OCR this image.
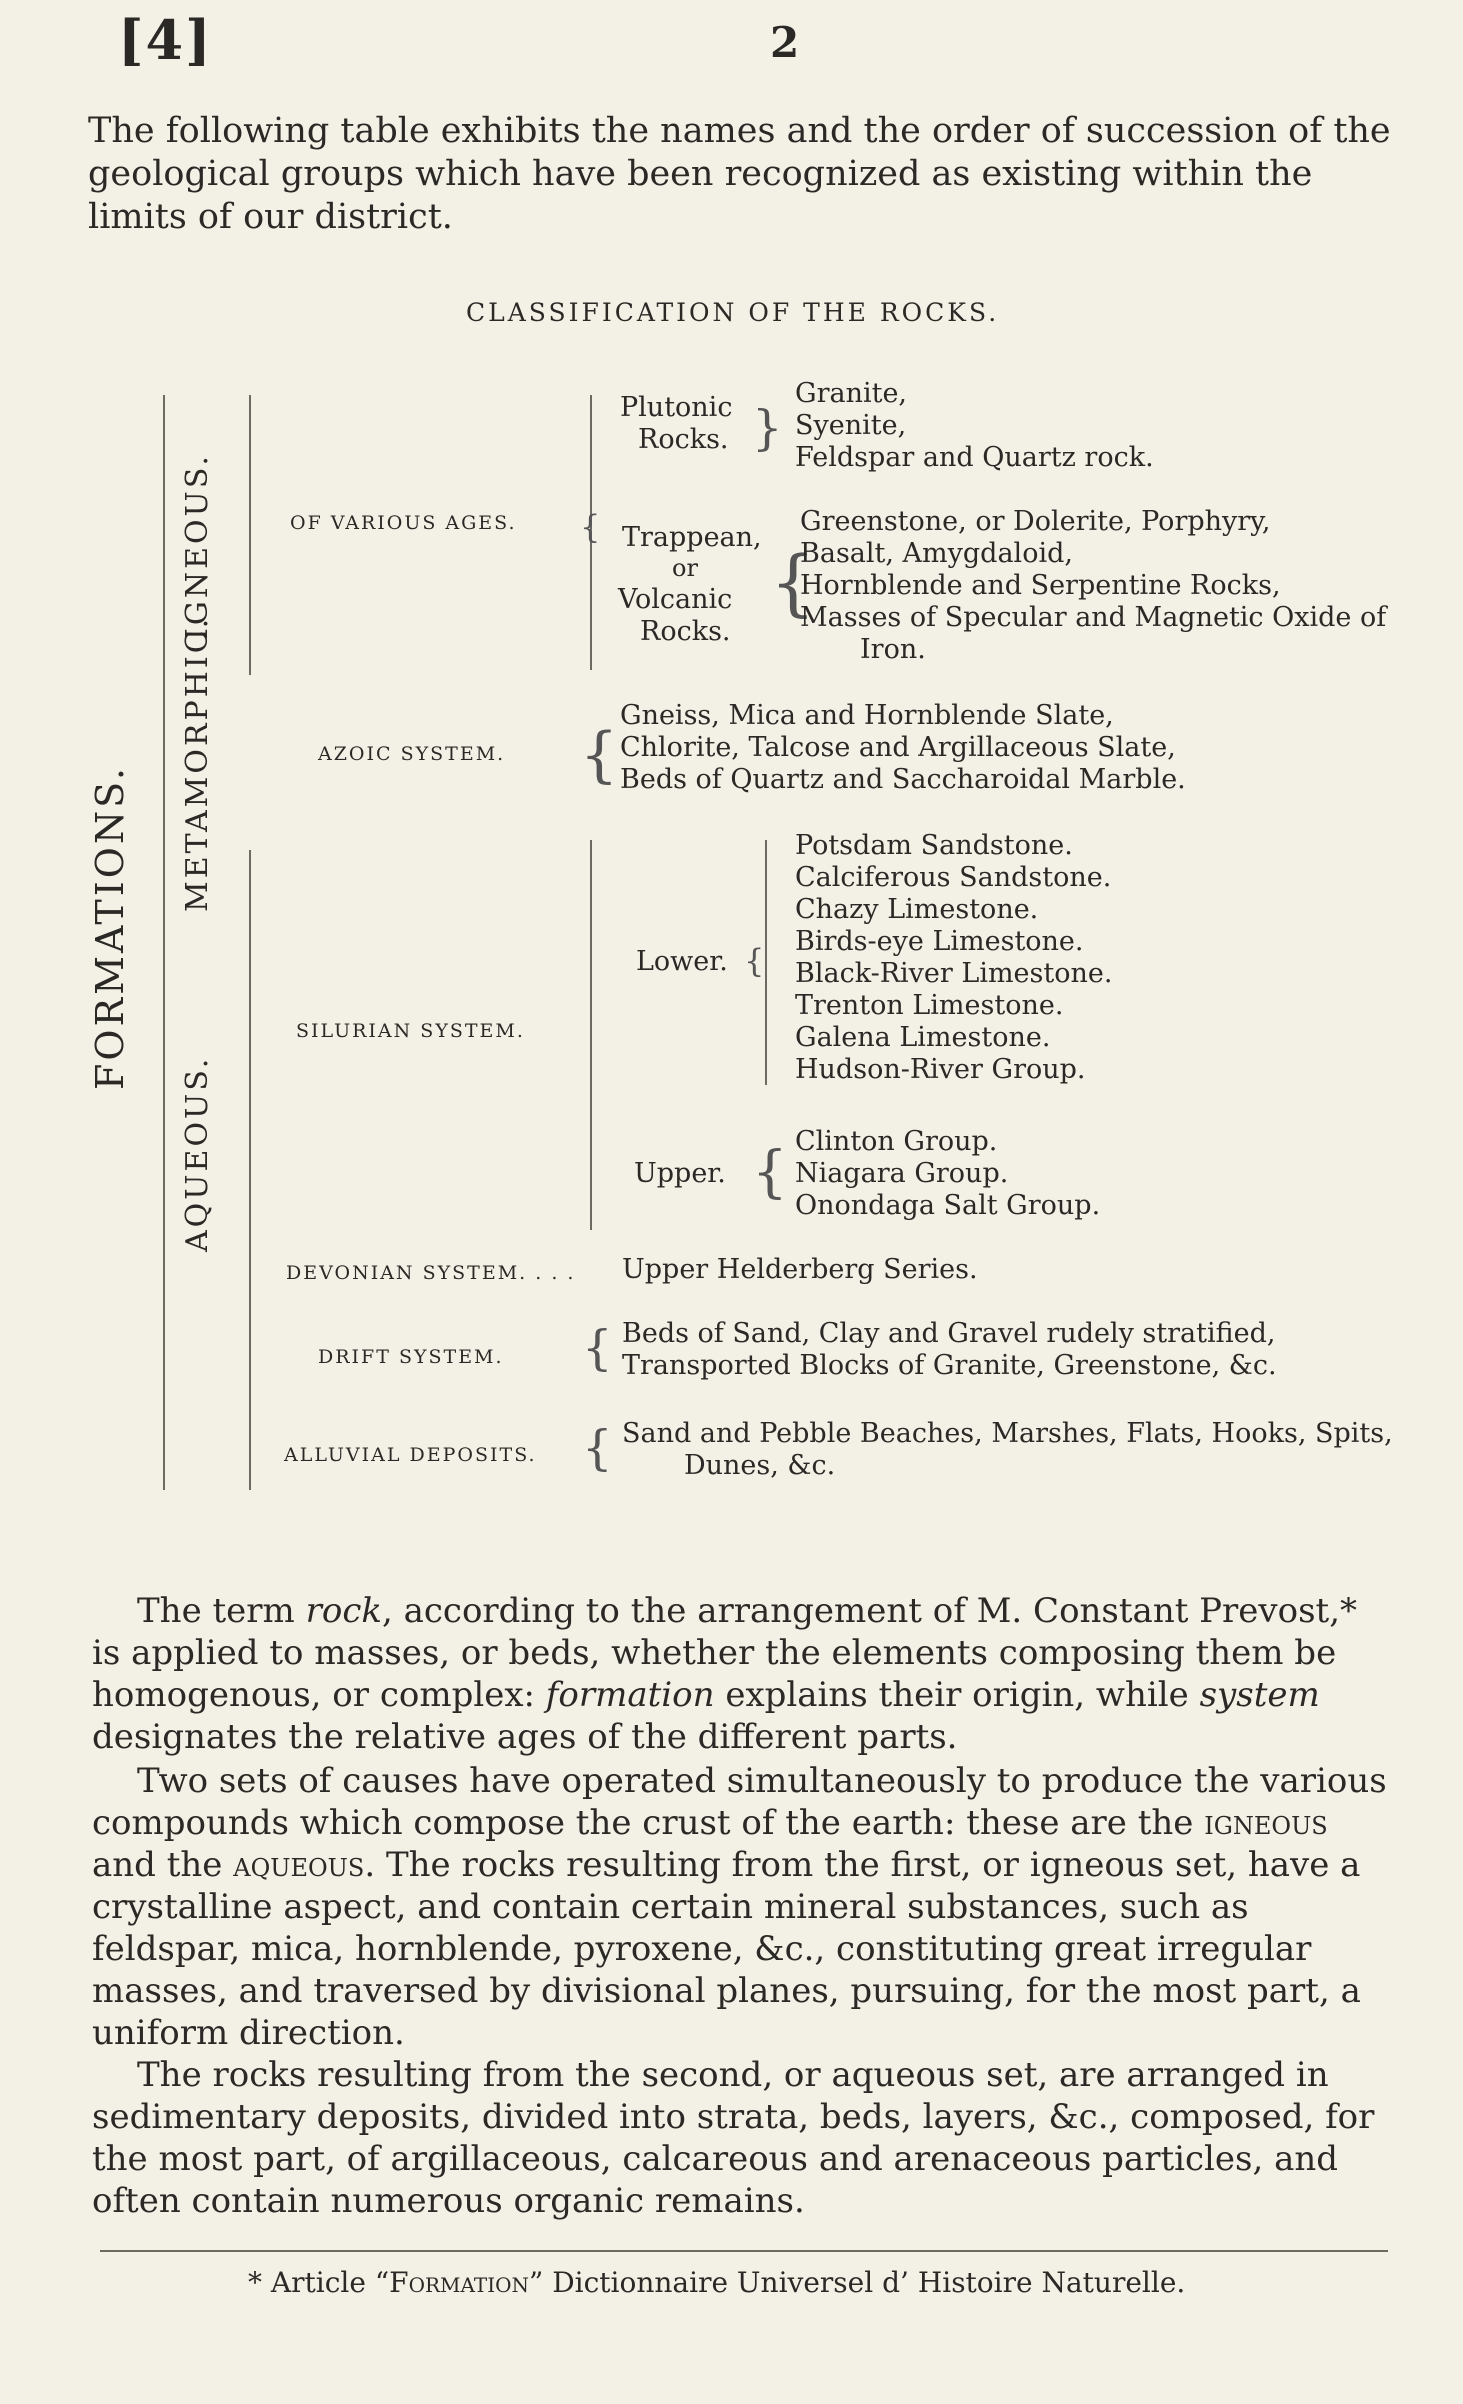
[4]	2
The following table exhibits the names and the order of succession of the geological groups which have been recognized as existing within the limits of our district.
CLASSIFICATION OF THE ROCKS.
FORMATIONS.
IGNEOUS.
METAMORPHIC.
AQUEOUS.
OF VARIOUS AGES. {
Plutonic
Rocks. }
Granite,
Syenite,
Feldspar and Quartz rock.
Trappean,
or
Volcanic
Rocks.
{
Greenstone, or Dolerite, Porphyry,
Basalt, Amygdaloid,
Hornblende and Serpentine Rocks,
Masses of Specular and Magnetic Oxide of
Iron.
AZOIC SYSTEM. {
Gneiss, Mica and Hornblende Slate,
Chlorite, Talcose and Argillaceous Slate,
Beds of Quartz and Saccharoidal Marble.
SILURIAN SYSTEM.
Lower. {
Potsdam Sandstone.
Calciferous Sandstone.
Chazy Limestone.
Birds-eye Limestone.
Black-River Limestone.
Trenton Limestone.
Galena Limestone.
Hudson-River Group.
Upper. { Clinton Group.
Niagara Group.
Onondaga Salt Group.
DEVONIAN SYSTEM. . . . Upper Helderberg Series.
DRIFT SYSTEM. { Beds of Sand, Clay and Gravel rudely stratified,
Transported Blocks of Granite, Greenstone, &c.
ALLUVIAL DEPOSITS. { Sand and Pebble Beaches, Marshes, Flats, Hooks, Spits,
Dunes, &c.
The term rock, according to the arrangement of M. Constant Prevost,* is applied to masses, or beds, whether the elements composing them be homogenous, or complex: formation explains their origin, while system designates the relative ages of the different parts.
Two sets of causes have operated simultaneously to produce the various compounds which compose the crust of the earth: these are the igneous and the aqueous. The rocks resulting from the first, or igneous set, have a crystalline aspect, and contain certain mineral substances, such as feldspar, mica, hornblende, pyroxene, &c., constituting great irregular masses, and traversed by divisional planes, pursuing, for the most part, a uniform direction.
The rocks resulting from the second, or aqueous set, are arranged in sedimentary deposits, divided into strata, beds, layers, &c., composed, for the most part, of argillaceous, calcareous and arenaceous particles, and often contain numerous organic remains.
* Article “Formation” Dictionnaire Universel d’ Histoire Naturelle.
